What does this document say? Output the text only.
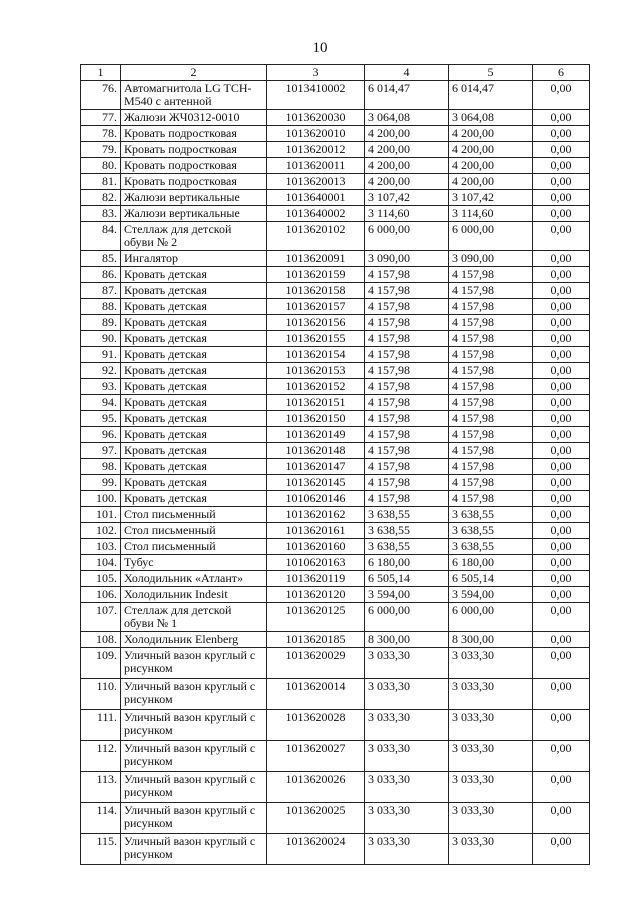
10
1	2	3	4	5	6
76.	Автомагнитола LG TCH-M540 с антенной	1013410002	6 014,47	6 014,47	0,00
77.	Жалюзи ЖЧ0312-0010	1013620030	3 064,08	3 064,08	0,00
78.	Кровать подростковая	1013620010	4 200,00	4 200,00	0,00
79.	Кровать подростковая	1013620012	4 200,00	4 200,00	0,00
80.	Кровать подростковая	1013620011	4 200,00	4 200,00	0,00
81.	Кровать подростковая	1013620013	4 200,00	4 200,00	0,00
82.	Жалюзи вертикальные	1013640001	3 107,42	3 107,42	0,00
83.	Жалюзи вертикальные	1013640002	3 114,60	3 114,60	0,00
84.	Стеллаж для детской обуви № 2	1013620102	6 000,00	6 000,00	0,00
85.	Ингалятор	1013620091	3 090,00	3 090,00	0,00
86.	Кровать детская	1013620159	4 157,98	4 157,98	0,00
87.	Кровать детская	1013620158	4 157,98	4 157,98	0,00
88.	Кровать детская	1013620157	4 157,98	4 157,98	0,00
89.	Кровать детская	1013620156	4 157,98	4 157,98	0,00
90.	Кровать детская	1013620155	4 157,98	4 157,98	0,00
91.	Кровать детская	1013620154	4 157,98	4 157,98	0,00
92.	Кровать детская	1013620153	4 157,98	4 157,98	0,00
93.	Кровать детская	1013620152	4 157,98	4 157,98	0,00
94.	Кровать детская	1013620151	4 157,98	4 157,98	0,00
95.	Кровать детская	1013620150	4 157,98	4 157,98	0,00
96.	Кровать детская	1013620149	4 157,98	4 157,98	0,00
97.	Кровать детская	1013620148	4 157,98	4 157,98	0,00
98.	Кровать детская	1013620147	4 157,98	4 157,98	0,00
99.	Кровать детская	1013620145	4 157,98	4 157,98	0,00
100.	Кровать детская	1010620146	4 157,98	4 157,98	0,00
101.	Стол письменный	1013620162	3 638,55	3 638,55	0,00
102.	Стол письменный	1013620161	3 638,55	3 638,55	0,00
103.	Стол письменный	1013620160	3 638,55	3 638,55	0,00
104.	Тубус	1010620163	6 180,00	6 180,00	0,00
105.	Холодильник «Атлант»	1013620119	6 505,14	6 505,14	0,00
106.	Холодильник Indesit	1013620120	3 594,00	3 594,00	0,00
107.	Стеллаж для детской обуви № 1	1013620125	6 000,00	6 000,00	0,00
108.	Холодильник Elenberg	1013620185	8 300,00	8 300,00	0,00
109.	Уличный вазон круглый с рисунком	1013620029	3 033,30	3 033,30	0,00
110.	Уличный вазон круглый с рисунком	1013620014	3 033,30	3 033,30	0,00
111.	Уличный вазон круглый с рисунком	1013620028	3 033,30	3 033,30	0,00
112.	Уличный вазон круглый с рисунком	1013620027	3 033,30	3 033,30	0,00
113.	Уличный вазон круглый с рисунком	1013620026	3 033,30	3 033,30	0,00
114.	Уличный вазон круглый с рисунком	1013620025	3 033,30	3 033,30	0,00
115.	Уличный вазон круглый с рисунком	1013620024	3 033,30	3 033,30	0,00
